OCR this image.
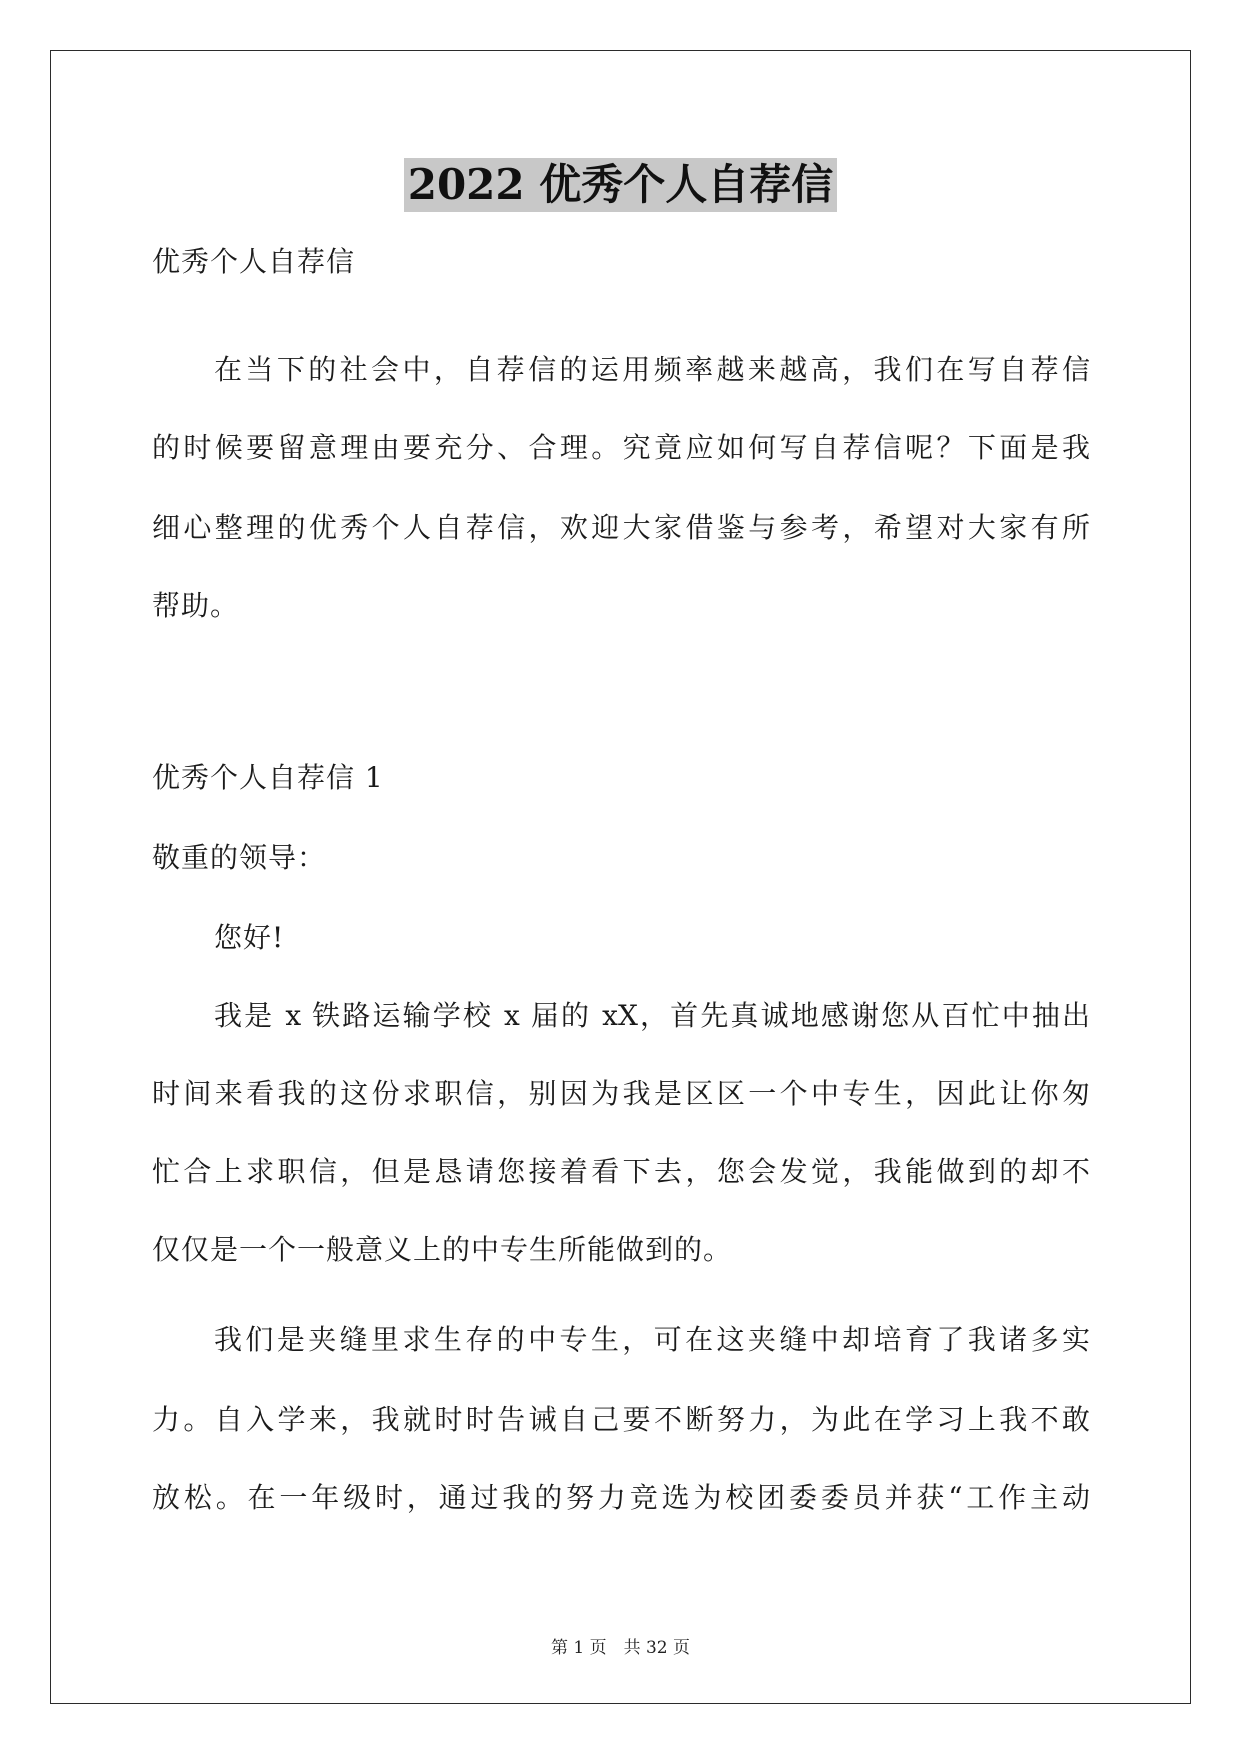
2022 优秀个人自荐信
优秀个人自荐信
在当下的社会中，自荐信的运用频率越来越高，我们在写自荐信
的时候要留意理由要充分、合理。究竟应如何写自荐信呢？下面是我
细心整理的优秀个人自荐信，欢迎大家借鉴与参考，希望对大家有所
帮助。
优秀个人自荐信 1
敬重的领导：
您好!
我是 x 铁路运输学校 x 届的 xX，首先真诚地感谢您从百忙中抽出
时间来看我的这份求职信，别因为我是区区一个中专生，因此让你匆
忙合上求职信，但是恳请您接着看下去，您会发觉，我能做到的却不
仅仅是一个一般意义上的中专生所能做到的。
我们是夹缝里求生存的中专生，可在这夹缝中却培育了我诸多实
力。自入学来，我就时时告诫自己要不断努力，为此在学习上我不敢
放松。在一年级时，通过我的努力竞选为校团委委员并获“工作主动
第 1 页　共 32 页
